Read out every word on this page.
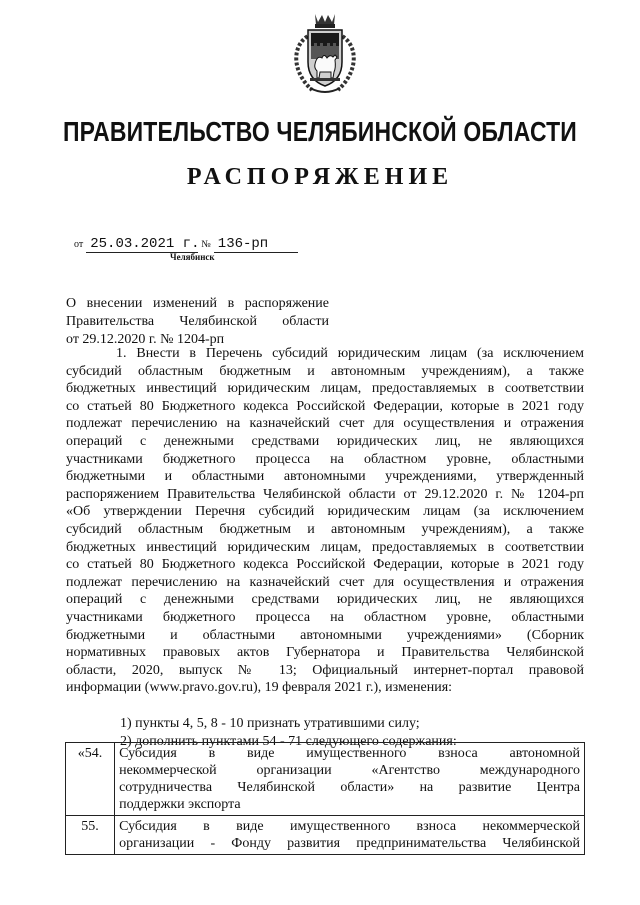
ПРАВИТЕЛЬСТВО ЧЕЛЯБИНСКОЙ ОБЛАСТИ
РАСПОРЯЖЕНИЕ
от 25.03.2021 г. № 136-рп
Челябинск
О внесении изменений в распоряжение
Правительства Челябинской области
от 29.12.2020 г. № 1204-рп
1. Внести в Перечень субсидий юридическим лицам (за исключением
субсидий областным бюджетным и автономным учреждениям), а также
бюджетных инвестиций юридическим лицам, предоставляемых в соответствии
со статьей 80 Бюджетного кодекса Российской Федерации, которые в 2021 году
подлежат перечислению на казначейский счет для осуществления и отражения
операций с денежными средствами юридических лиц, не являющихся
участниками бюджетного процесса на областном уровне, областными
бюджетными и областными автономными учреждениями, утвержденный
распоряжением Правительства Челябинской области от 29.12.2020 г. № 1204-рп
«Об утверждении Перечня субсидий юридическим лицам (за исключением
субсидий областным бюджетным и автономным учреждениям), а также
бюджетных инвестиций юридическим лицам, предоставляемых в соответствии
со статьей 80 Бюджетного кодекса Российской Федерации, которые в 2021 году
подлежат перечислению на казначейский счет для осуществления и отражения
операций с денежными средствами юридических лиц, не являющихся
участниками бюджетного процесса на областном уровне, областными
бюджетными и областными автономными учреждениями» (Сборник
нормативных правовых актов Губернатора и Правительства Челябинской
области, 2020, выпуск № 13; Официальный интернет-портал правовой
информации (www.pravo.gov.ru), 19 февраля 2021 г.), изменения:
1) пункты 4, 5, 8 - 10 признать утратившими силу;
2) дополнить пунктами 54 - 71 следующего содержания:
«54.	Субсидия в виде имущественного взноса автономной
некоммерческой организации «Агентство международного
сотрудничества Челябинской области» на развитие Центра
поддержки экспорта

55.	Субсидия в виде имущественного взноса некоммерческой
организации - Фонду развития предпринимательства Челябинской
